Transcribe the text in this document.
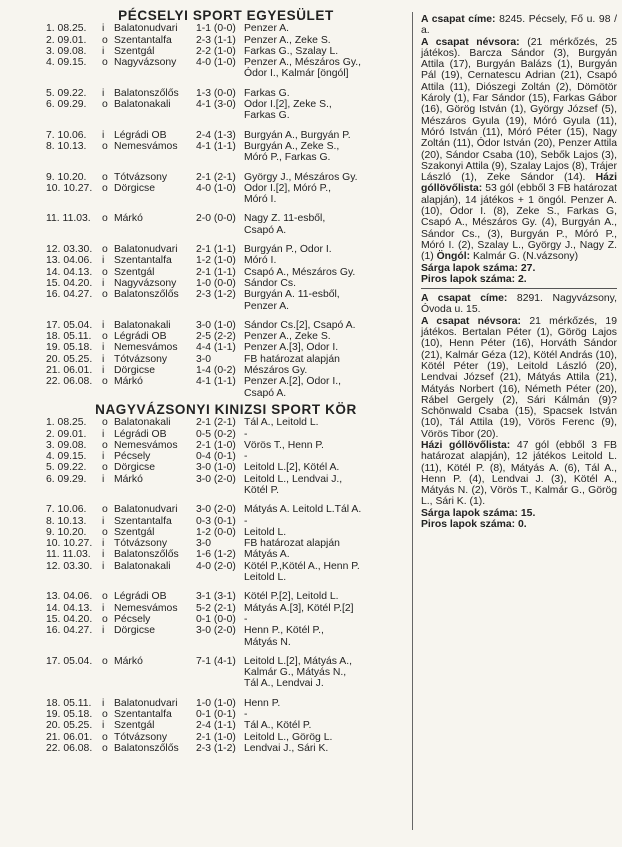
PÉCSELYI SPORT EGYESÜLET
1. 08.25.	i Balatonudvari	1-1 (0-0) Penzer A.
2. 09.01.	o Szentantalfa	2-3 (1-1) Penzer A., Zeke S.
3. 09.08.	i Szentgál	2-2 (1-0) Farkas G., Szalay L.
4. 09.15.	o Nagyvázsony	4-0 (1-0) Penzer A., Mészáros Gy.,
Ódor I., Kalmár [öngól]
5. 09.22.	i Balatonszőlős	1-3 (0-0) Farkas G.
6. 09.29.	o Balatonakali	4-1 (3-0) Ódor I.[2], Zeke S.,
Farkas G.
7. 10.06.	i Légrádi OB	2-4 (1-3) Burgyán A., Burgyán P.
8. 10.13.	o Nemesvámos	4-1 (1-1) Burgyán A., Zeke S.,
Móró P., Farkas G.
9. 10.20.	o Tótvázsony	2-1 (2-1) György J., Mészáros Gy.
10. 10.27. o Dörgicse	4-0 (1-0) Ódor I.[2], Móró P.,
Móró I.
11. 11.03.	o Márkó	2-0 (0-0) Nagy Z. 11-esből,
Csapó A.
12. 03.30. o Balatonudvari	2-1 (1-1) Burgyán P., Ódor I.
13. 04.06. i Szentantalfa	1-2 (1-0) Móró I.
14. 04.13. o Szentgál	2-1 (1-1) Csapó A., Mészáros Gy.
15. 04.20. i Nagyvázsony	1-0 (0-0) Sándor Cs.
16. 04.27. o Balatonszőlős	2-3 (1-2) Burgyán A. 11-esből,
Penzer A.
17. 05.04. i Balatonakali	3-0 (1-0) Sándor Cs.[2], Csapó A.
18. 05.11.	o Légrádi OB	2-5 (2-2) Penzer A., Zeke S.
19. 05.18. i Nemesvámos	4-4 (1-1) Penzer A.[3], Ódor I.
20. 05.25. i Tótvázsony	3-0	FB határozat alapján
21. 06.01. i Dörgicse	1-4 (0-2) Mészáros Gy.
22. 06.08. o Márkó	4-1 (1-1) Penzer A.[2], Ódor I.,
Csapó A.
NAGYVÁZSONYI KINIZSI SPORT KÖR
1. 08.25.	o Balatonakali	2-1 (2-1) Tál A., Leitold L.
2. 09.01.	i Légrádi OB	0-5 (0-2) -
3. 09.08.	o Nemesvámos	2-1 (1-0) Vörös T., Henn P.
4. 09.15.	i Pécsely	0-4 (0-1) -
5. 09.22.	o Dörgicse	3-0 (1-0) Leitold L.[2], Kötél A.
6. 09.29.	i Márkó	3-0 (2-0) Leitold L., Lendvai J.,
Kötél P.
7. 10.06.	o Balatonudvari	3-0 (2-0) Mátyás A. Leitold L.Tál A.
8. 10.13.	i Szentantalfa	0-3 (0-1) -
9. 10.20.	o Szentgál	1-2 (0-0) Leitold L.
10. 10.27. i Tótvázsony	3-0	FB határozat alapján
11. 11.03.	i Balatonszőlős	1-6 (1-2) Mátyás A.
12. 03.30. i Balatonakali	4-0 (2-0) Kötél P.,Kötél A., Henn P.
Leitold L.
13. 04.06. o Légrádi OB	3-1 (3-1) Kötél P.[2], Leitold L.
14. 04.13. i Nemesvámos	5-2 (2-1) Mátyás A.[3], Kötél P.[2]
15. 04.20. o Pécsely	0-1 (0-0) -
16. 04.27. i Dörgicse	3-0 (2-0) Henn P., Kötél P.,
Mátyás N.
17. 05.04. o Márkó	7-1 (4-1) Leitold L.[2], Mátyás A.,
Kalmár G., Mátyás N.,
Tál A., Lendvai J.
18. 05.11.	i Balatonudvari	1-0 (1-0) Henn P.
19. 05.18. o Szentantalfa	0-1 (0-1) -
20. 05.25. i Szentgál	2-4 (1-1) Tál A., Kötél P.
21. 06.01. o Tótvázsony	2-1 (1-0) Leitold L., Görög L.
22. 06.08. o Balatonszőlős	2-3 (1-2) Lendvai J., Sári K.
A csapat címe: 8245. Pécsely, Fő u. 98 / a.
A csapat névsora: (21 mérkőzés, 25 játékos). Barcza Sándor (3), Burgyán Attila (17), Burgyán Balázs (1), Burgyán Pál (19), Cernatescu Adrian (21), Csapó Attila (11), Diószegi Zoltán (2), Dömötör Károly (1), Far Sándor (15), Farkas Gábor (16), Görög István (1), György József (5), Mészáros Gyula (19), Móró Gyula (11), Móró István (11), Móró Péter (15), Nagy Zoltán (11), Ódor István (20), Penzer Attila (20), Sándor Csaba (10), Sebők Lajos (3), Szakonyi Attila (9), Szalay Lajos (8), Trájer László (1), Zeke Sándor (14). Házi góllövőlista: 53 gól (ebből 3 FB határozat alapján), 14 játékos + 1 öngól. Penzer A. (10), Ódor I. (8), Zeke S., Farkas G, Csapó A., Mészáros Gy. (4), Burgyán A., Sándor Cs., (3), Burgyán P., Móró P., Móró I. (2), Szalay L., György J., Nagy Z. (1) Öngól: Kalmár G. (N.vázsony)
Sárga lapok száma: 27.
Piros lapok száma: 2.
A csapat címe: 8291. Nagyvázsony, Óvoda u. 15.
A csapat névsora: 21 mérkőzés, 19 játékos. Bertalan Péter (1), Görög Lajos (10), Henn Péter (16), Horváth Sándor (21), Kalmár Géza (12), Kötél András (10), Kötél Péter (19), Leitold László (20), Lendvai József (21), Mátyás Attila (21), Mátyás Norbert (16), Németh Péter (20), Rábel Gergely (2), Sári Kálmán (9)? Schönwald Csaba (15), Spacsek István (10), Tál Attila (19), Vörös Ferenc (9), Vörös Tibor (20).
Házi góllövőlista: 47 gól (ebből 3 FB határozat alapján), 12 játékos Leitold L. (11), Kötél P. (8), Mátyás A. (6), Tál A., Henn P. (4), Lendvai J. (3), Kötél A., Mátyás N. (2), Vörös T., Kalmár G., Görög L., Sári K. (1).
Sárga lapok száma: 15.
Piros lapok száma: 0.
